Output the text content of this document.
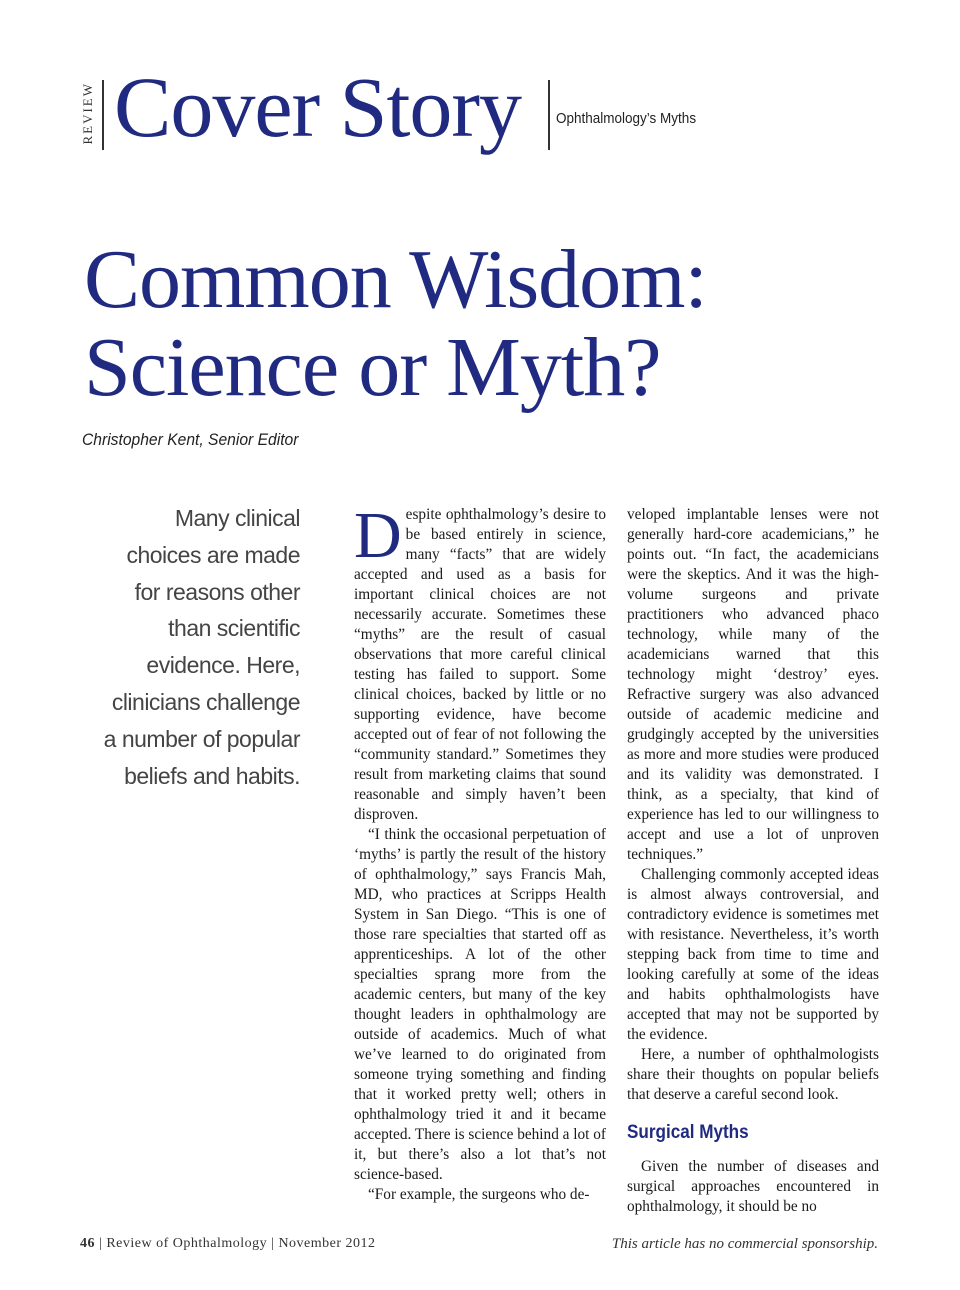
REVIEW Cover Story Ophthalmology’s Myths
Common Wisdom:
Science or Myth?
Christopher Kent, Senior Editor
Many clinical choices are made for reasons other than scientific evidence. Here, clinicians challenge a number of popular beliefs and habits.

Despite ophthalmology’s desire to be based entirely in science, many “facts” that are widely accepted and used as a basis for important clinical choices are not necessarily accurate. Sometimes these “myths” are the result of casual observations that more careful clinical testing has failed to support. Some clinical choices, backed by little or no supporting evidence, have become accepted out of fear of not following the “community standard.” Sometimes they result from marketing claims that sound reasonable and simply haven’t been disproven.

“I think the occasional perpetuation of ‘myths’ is partly the result of the history of ophthalmology,” says Francis Mah, MD, who practices at Scripps Health System in San Diego. “This is one of those rare specialties that started off as apprenticeships. A lot of the other specialties sprang more from the academic centers, but many of the key thought leaders in ophthalmology are outside of academics. Much of what we’ve learned to do originated from someone trying something and finding that it worked pretty well; others in ophthalmology tried it and it became accepted. There is science behind a lot of it, but there’s also a lot that’s not science-based.

“For example, the surgeons who de-

veloped implantable lenses were not generally hard-core academicians,” he points out. “In fact, the academicians were the skeptics. And it was the high-volume surgeons and private practitioners who advanced phaco technology, while many of the academicians warned that this technology might ‘destroy’ eyes. Refractive surgery was also advanced outside of academic medicine and grudgingly accepted by the universities as more and more studies were produced and its validity was demonstrated. I think, as a specialty, that kind of experience has led to our willingness to accept and use a lot of unproven techniques.”

Challenging commonly accepted ideas is almost always controversial, and contradictory evidence is sometimes met with resistance. Nevertheless, it’s worth stepping back from time to time and looking carefully at some of the ideas and habits ophthalmologists have accepted that may not be supported by the evidence.

Here, a number of ophthalmologists share their thoughts on popular beliefs that deserve a careful second look.

Surgical Myths

Given the number of diseases and surgical approaches encountered in ophthalmology, it should be no

46 | Review of Ophthalmology | November 2012	This article has no commercial sponsorship.
